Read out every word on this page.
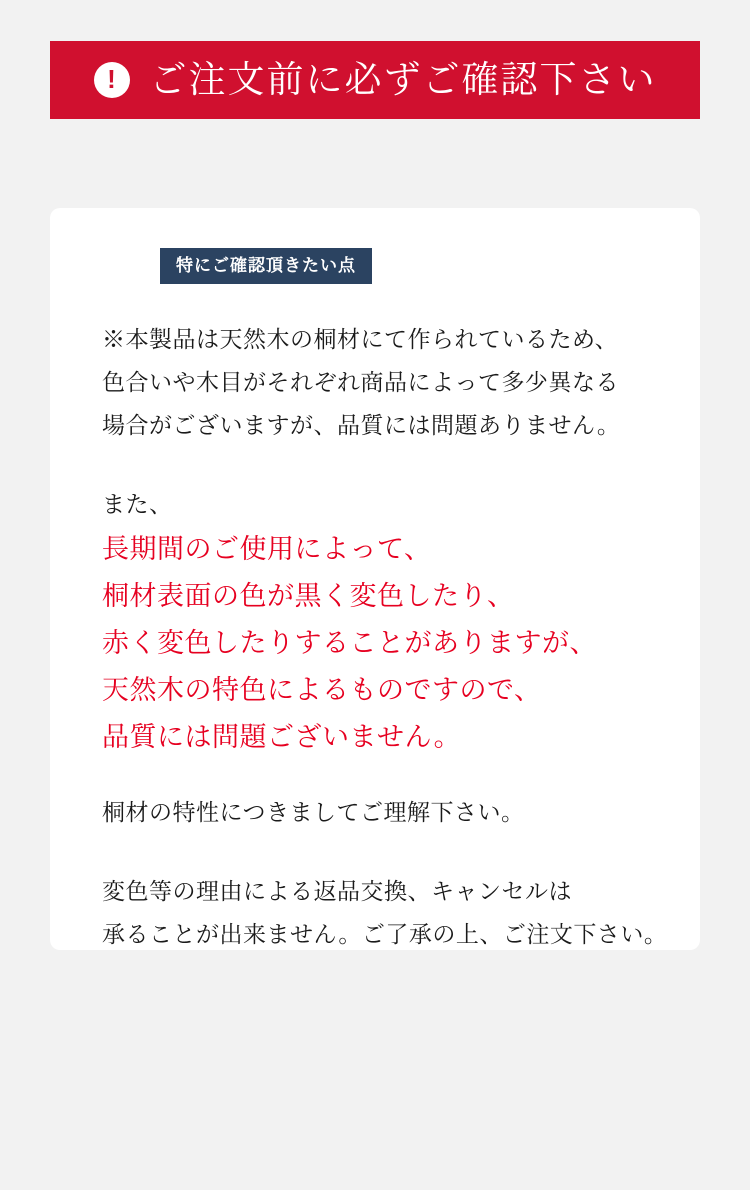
! ご注文前に必ずご確認下さい
特にご確認頂きたい点
※本製品は天然木の桐材にて作られているため、
色合いや木目がそれぞれ商品によって多少異なる
場合がございますが、品質には問題ありません。
また、
長期間のご使用によって、
桐材表面の色が黒く変色したり、
赤く変色したりすることがありますが、
天然木の特色によるものですので、
品質には問題ございません。
桐材の特性につきましてご理解下さい。
変色等の理由による返品交換、キャンセルは
承ることが出来ません。ご了承の上、ご注文下さい。
